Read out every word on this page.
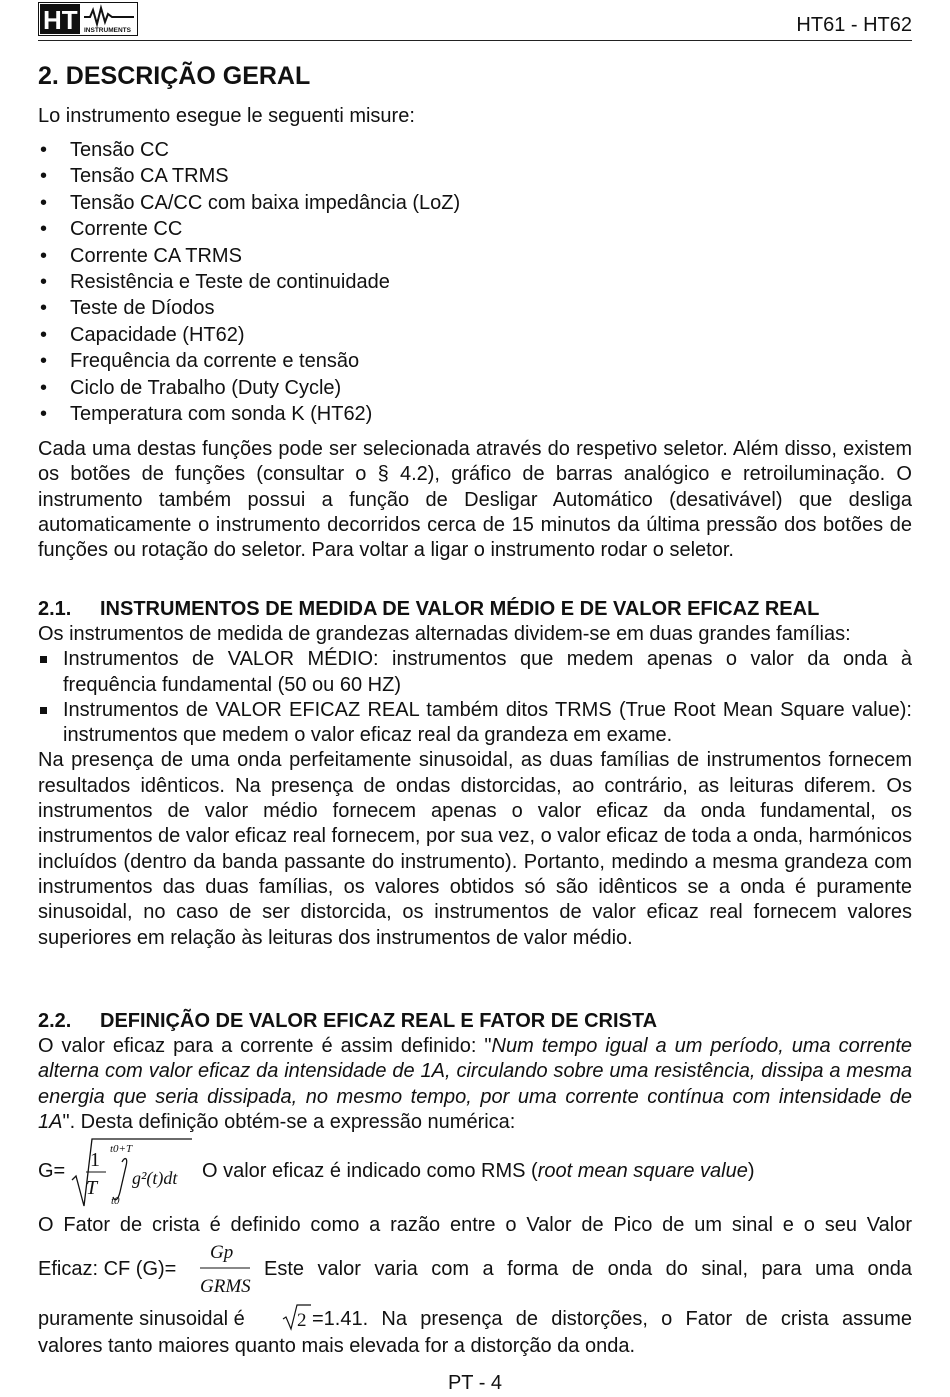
HT INSTRUMENTS	HT61 - HT62
2. DESCRIÇÃO GERAL

Lo instrumento esegue le seguenti misure:

• Tensão CC
• Tensão CA TRMS
• Tensão CA/CC com baixa impedância (LoZ)
• Corrente CC
• Corrente CA TRMS
• Resistência e Teste de continuidade
• Teste de Díodos
• Capacidade (HT62)
• Frequência da corrente e tensão
• Ciclo de Trabalho (Duty Cycle)
• Temperatura com sonda K (HT62)

Cada uma destas funções pode ser selecionada através do respetivo seletor. Além disso, existem os botões de funções (consultar o § 4.2), gráfico de barras analógico e retroiluminação. O instrumento também possui a função de Desligar Automático (desativável) que desliga automaticamente o instrumento decorridos cerca de 15 minutos da última pressão dos botões de funções ou rotação do seletor. Para voltar a ligar o instrumento rodar o seletor.

2.1. INSTRUMENTOS DE MEDIDA DE VALOR MÉDIO E DE VALOR EFICAZ REAL

Os instrumentos de medida de grandezas alternadas dividem-se em duas grandes famílias:

Instrumentos de VALOR MÉDIO: instrumentos que medem apenas o valor da onda à frequência fundamental (50 ou 60 HZ)
Instrumentos de VALOR EFICAZ REAL também ditos TRMS (True Root Mean Square value): instrumentos que medem o valor eficaz real da grandeza em exame.

Na presença de uma onda perfeitamente sinusoidal, as duas famílias de instrumentos fornecem resultados idênticos. Na presença de ondas distorcidas, ao contrário, as leituras diferem. Os instrumentos de valor médio fornecem apenas o valor eficaz da onda fundamental, os instrumentos de valor eficaz real fornecem, por sua vez, o valor eficaz de toda a onda, harmónicos incluídos (dentro da banda passante do instrumento). Portanto, medindo a mesma grandeza com instrumentos das duas famílias, os valores obtidos só são idênticos se a onda é puramente sinusoidal, no caso de ser distorcida, os instrumentos de valor eficaz real fornecem valores superiores em relação às leituras dos instrumentos de valor médio.

2.2. DEFINIÇÃO DE VALOR EFICAZ REAL E FATOR DE CRISTA

O valor eficaz para a corrente é assim definido: "Num tempo igual a um período, uma corrente alterna com valor eficaz da intensidade de 1A, circulando sobre uma resistência, dissipa a mesma energia que seria dissipada, no mesmo tempo, por uma corrente contínua com intensidade de 1A". Desta definição obtém-se a expressão numérica:

G= 1
T
t0+T
t0
g²(t)dt O valor eficaz é indicado como RMS (root mean square value)

O Fator de crista é definido como a razão entre o Valor de Pico de um sinal e o seu Valor

Eficaz: CF (G)=
Gp
GRMS
Este valor varia com a forma de onda do sinal, para uma onda
puramente sinusoidal é	2 =1.41. Na presença de distorções, o Fator de crista assume

valores tanto maiores quanto mais elevada for a distorção da onda.

PT - 4
